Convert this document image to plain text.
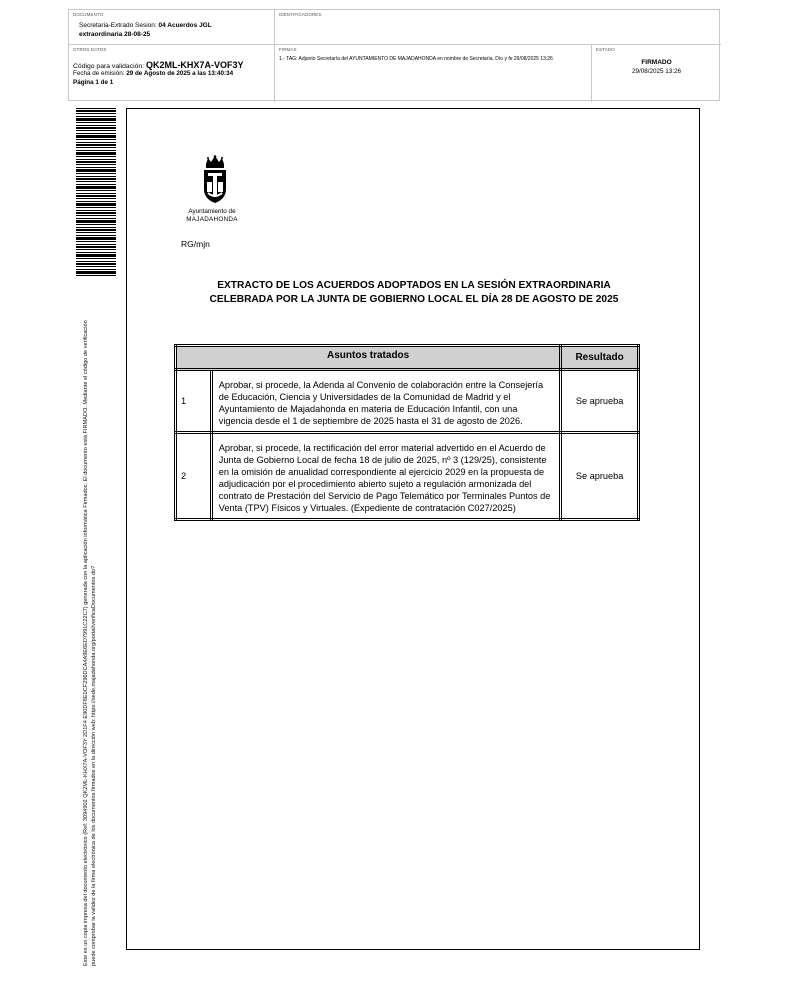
DOCUMENTO
Secretaria-Extrado Sesion: 04 Acuerdos JGL
extraordinaria 28-08-25
IDENTIFICADORES
OTROS DATOS
Código para validación: QK2ML-KHX7A-VOF3Y
Fecha de emisión: 29 de Agosto de 2025 a las 13:40:34
Página 1 de 1
FIRMAS
1.- TAG: Adjunto Secretaría del AYUNTAMIENTO DE MAJADAHONDA en nombre de Secretaría. Dío y fe 29/08/2025 13:26
ESTADO
FIRMADO
29/08/2025 13:26
Este es un copia impresa del documento electrónico (Ref: 3094902 QK2ML-KHX7A-VOF3Y 2D1F4 E90DF8E0CF296DCA4A9E6ED7991C22C7) generada con la aplicación informática Firmadoc. El documento está FIRMADO. Mediante el código de verificación puede comprobar la validez de la firma electrónica de los documentos firmados en la dirección web: https://sede.majadahonda.org/portal/verificaDocumentos.do?
Ayuntamiento de
MAJADAHONDA
RG/mjn
EXTRACTO DE LOS ACUERDOS ADOPTADOS EN LA SESIÓN EXTRAORDINARIA
CELEBRADA POR LA JUNTA DE GOBIERNO LOCAL EL DÍA 28 DE AGOSTO DE 2025
Asuntos tratados		Resultado
1	Aprobar, si procede, la Adenda al Convenio de colaboración entre la Consejería de Educación, Ciencia y Universidades de la Comunidad de Madrid y el Ayuntamiento de Majadahonda en materia de Educación Infantil, con una vigencia desde el 1 de septiembre de 2025 hasta el 31 de agosto de 2026.	Se aprueba
2	Aprobar, si procede, la rectificación del error material advertido en el Acuerdo de Junta de Gobierno Local de fecha 18 de julio de 2025, nº 3 (129/25), consistente en la omisión de anualidad correspondiente al ejercicio 2029 en la propuesta de adjudicación por el procedimiento abierto sujeto a regulación armonizada del contrato de Prestación del Servicio de Pago Telemático por Terminales Puntos de Venta (TPV) Físicos y Virtuales. (Expediente de contratación C027/2025)	Se aprueba
